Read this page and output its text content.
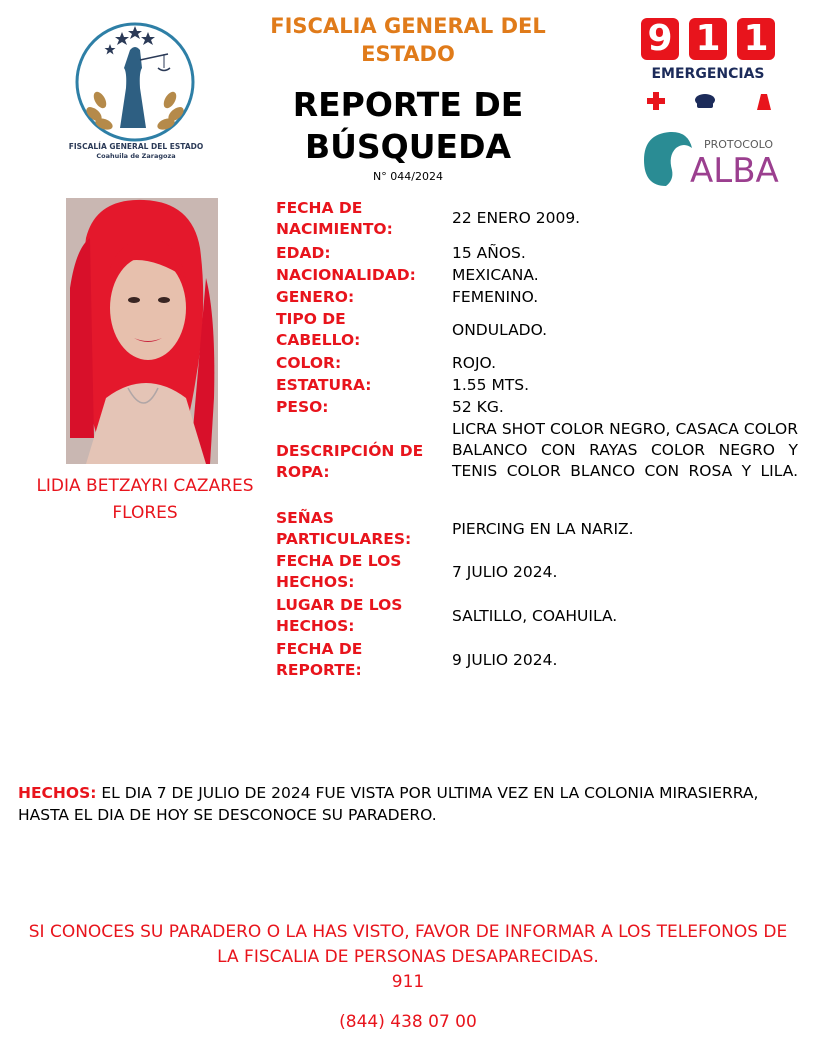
FISCALIA GENERAL DEL ESTADO
REPORTE DE BÚSQUEDA
N° 044/2024
FISCALÍA GENERAL DEL ESTADO
Coahuila de Zaragoza
9 1 1
EMERGENCIAS
PROTOCOLO
ALBA
LIDIA BETZAYRI CAZARES FLORES
FECHA DE NACIMIENTO:
22 ENERO 2009.
EDAD:	15 AÑOS.
NACIONALIDAD:	MEXICANA.
GENERO:	FEMENINO.
TIPO DE CABELLO:
ONDULADO.
COLOR:	ROJO.
ESTATURA:	1.55 MTS.
PESO:	52 KG.
DESCRIPCIÓN DE ROPA:
LICRA SHOT COLOR NEGRO, CASACA COLOR BALANCO CON RAYAS COLOR NEGRO Y TENIS COLOR BLANCO CON ROSA Y LILA.
SEÑAS PARTICULARES:
PIERCING EN LA NARIZ.
FECHA DE LOS HECHOS:
7 JULIO 2024.
LUGAR DE LOS HECHOS:
SALTILLO, COAHUILA.
FECHA DE REPORTE:
9 JULIO 2024.
HECHOS: EL DIA 7 DE JULIO DE 2024 FUE VISTA POR ULTIMA VEZ EN LA COLONIA MIRASIERRA, HASTA EL DIA DE HOY SE DESCONOCE SU PARADERO.
SI CONOCES SU PARADERO O LA HAS VISTO, FAVOR DE INFORMAR A LOS TELEFONOS DE LA FISCALIA DE PERSONAS DESAPARECIDAS.
911
(844) 438 07 00
